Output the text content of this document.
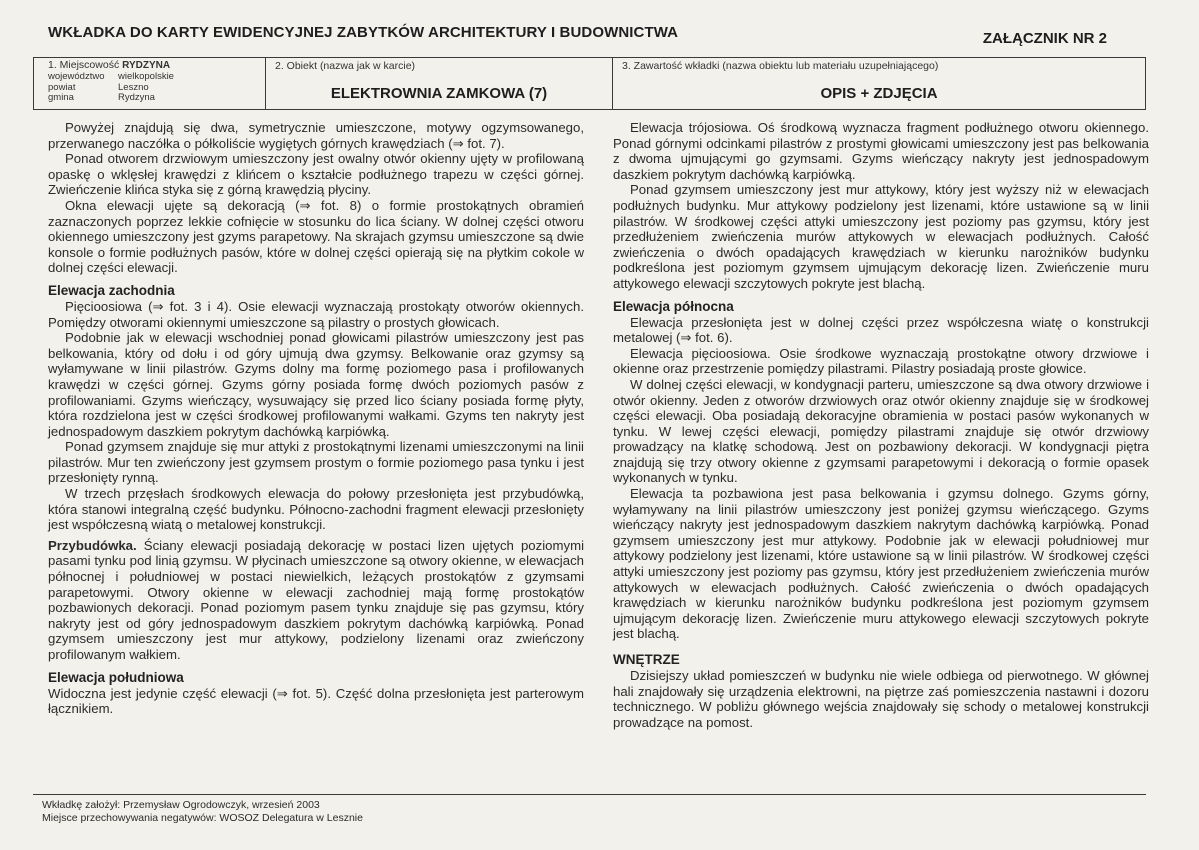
WKŁADKA DO KARTY EWIDENCYJNEJ ZABYTKÓW ARCHITEKTURY I BUDOWNICTWA	ZAŁĄCZNIK NR 2
1. Miejscowość RYDZYNA
województwo	wielkopolskie
powiat	Leszno
gmina	Rydzyna
2. Obiekt (nazwa jak w karcie)
ELEKTROWNIA ZAMKOWA (7)
3. Zawartość wkładki (nazwa obiektu lub materiału uzupełniającego)
OPIS + ZDJĘCIA

Powyżej znajdują się dwa, symetrycznie umieszczone, motywy ogzymsowanego, przerwanego naczółka o półkoliście wygiętych górnych krawędziach (⇒ fot. 7).

Ponad otworem drzwiowym umieszczony jest owalny otwór okienny ujęty w profilowaną opaskę o wklęsłej krawędzi z klińcem o kształcie podłużnego trapezu w części górnej. Zwieńczenie klińca styka się z górną krawędzią płyciny.

Okna elewacji ujęte są dekoracją (⇒ fot. 8) o formie prostokątnych obramień zaznaczonych poprzez lekkie cofnięcie w stosunku do lica ściany. W dolnej części otworu okiennego umieszczony jest gzyms parapetowy. Na skrajach gzymsu umieszczone są dwie konsole o formie podłużnych pasów, które w dolnej części opierają się na płytkim cokole w dolnej części elewacji.

Elewacja zachodnia

Pięcioosiowa (⇒ fot. 3 i 4). Osie elewacji wyznaczają prostokąty otworów okiennych. Pomiędzy otworami okiennymi umieszczone są pilastry o prostych głowicach.

Podobnie jak w elewacji wschodniej ponad głowicami pilastrów umieszczony jest pas belkowania, który od dołu i od góry ujmują dwa gzymsy. Belkowanie oraz gzymsy są wyłamywane w linii pilastrów. Gzyms dolny ma formę poziomego pasa i profilowanych krawędzi w części górnej. Gzyms górny posiada formę dwóch poziomych pasów z profilowaniami. Gzyms wieńczący, wysuwający się przed lico ściany posiada formę płyty, która rozdzielona jest w części środkowej profilowanymi wałkami. Gzyms ten nakryty jest jednospadowym daszkiem pokrytym dachówką karpiówką.

Ponad gzymsem znajduje się mur attyki z prostokątnymi lizenami umieszczonymi na linii pilastrów. Mur ten zwieńczony jest gzymsem prostym o formie poziomego pasa tynku i jest przesłonięty rynną.

W trzech przęsłach środkowych elewacja do połowy przesłonięta jest przybudówką, która stanowi integralną część budynku. Północno-zachodni fragment elewacji przesłonięty jest współczesną wiatą o metalowej konstrukcji.

Przybudówka. Ściany elewacji posiadają dekorację w postaci lizen ujętych poziomymi pasami tynku pod linią gzymsu. W płycinach umieszczone są otwory okienne, w elewacjach północnej i południowej w postaci niewielkich, leżących prostokątów z gzymsami parapetowymi. Otwory okienne w elewacji zachodniej mają formę prostokątów pozbawionych dekoracji. Ponad poziomym pasem tynku znajduje się pas gzymsu, który nakryty jest od góry jednospadowym daszkiem pokrytym dachówką karpiówką. Ponad gzymsem umieszczony jest mur attykowy, podzielony lizenami oraz zwieńczony profilowanym wałkiem.

Elewacja południowa

Widoczna jest jedynie część elewacji (⇒ fot. 5). Część dolna przesłonięta jest parterowym łącznikiem.

Elewacja trójosiowa. Oś środkową wyznacza fragment podłużnego otworu okiennego. Ponad górnymi odcinkami pilastrów z prostymi głowicami umieszczony jest pas belkowania z dwoma ujmującymi go gzymsami. Gzyms wieńczący nakryty jest jednospadowym daszkiem pokrytym dachówką karpiówką.

Ponad gzymsem umieszczony jest mur attykowy, który jest wyższy niż w elewacjach podłużnych budynku. Mur attykowy podzielony jest lizenami, które ustawione są w linii pilastrów. W środkowej części attyki umieszczony jest poziomy pas gzymsu, który jest przedłużeniem zwieńczenia murów attykowych w elewacjach podłużnych. Całość zwieńczenia o dwóch opadających krawędziach w kierunku narożników budynku podkreślona jest poziomym gzymsem ujmującym dekorację lizen. Zwieńczenie muru attykowego elewacji szczytowych pokryte jest blachą.

Elewacja północna

Elewacja przesłonięta jest w dolnej części przez współczesna wiatę o konstrukcji metalowej (⇒ fot. 6).

Elewacja pięcioosiowa. Osie środkowe wyznaczają prostokątne otwory drzwiowe i okienne oraz przestrzenie pomiędzy pilastrami. Pilastry posiadają proste głowice.

W dolnej części elewacji, w kondygnacji parteru, umieszczone są dwa otwory drzwiowe i otwór okienny. Jeden z otworów drzwiowych oraz otwór okienny znajduje się w środkowej części elewacji. Oba posiadają dekoracyjne obramienia w postaci pasów wykonanych w tynku. W lewej części elewacji, pomiędzy pilastrami znajduje się otwór drzwiowy prowadzący na klatkę schodową. Jest on pozbawiony dekoracji. W kondygnacji piętra znajdują się trzy otwory okienne z gzymsami parapetowymi i dekoracją o formie opasek wykonanych w tynku.

Elewacja ta pozbawiona jest pasa belkowania i gzymsu dolnego. Gzyms górny, wyłamywany na linii pilastrów umieszczony jest poniżej gzymsu wieńczącego. Gzyms wieńczący nakryty jest jednospadowym daszkiem nakrytym dachówką karpiówką. Ponad gzymsem umieszczony jest mur attykowy. Podobnie jak w elewacji południowej mur attykowy podzielony jest lizenami, które ustawione są w linii pilastrów. W środkowej części attyki umieszczony jest poziomy pas gzymsu, który jest przedłużeniem zwieńczenia murów attykowych w elewacjach podłużnych. Całość zwieńczenia o dwóch opadających krawędziach w kierunku narożników budynku podkreślona jest poziomym gzymsem ujmującym dekorację lizen. Zwieńczenie muru attykowego elewacji szczytowych pokryte jest blachą.

WNĘTRZE

Dzisiejszy układ pomieszczeń w budynku nie wiele odbiega od pierwotnego. W głównej hali znajdowały się urządzenia elektrowni, na piętrze zaś pomieszczenia nastawni i dozoru technicznego. W pobliżu głównego wejścia znajdowały się schody o metalowej konstrukcji prowadzące na pomost.

Wkładkę założył: Przemysław Ogrodowczyk, wrzesień 2003
Miejsce przechowywania negatywów: WOSOZ Delegatura w Lesznie
